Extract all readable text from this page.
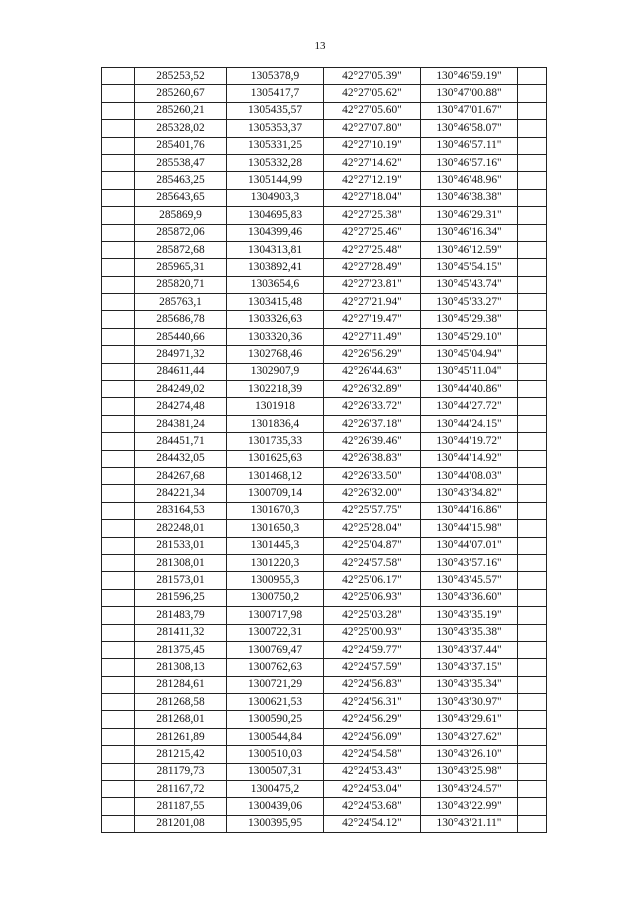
13
	285253,52	1305378,9	42°27'05.39"	130°46'59.19"	
	285260,67	1305417,7	42°27'05.62"	130°47'00.88"	
	285260,21	1305435,57	42°27'05.60"	130°47'01.67"	
	285328,02	1305353,37	42°27'07.80"	130°46'58.07"	
	285401,76	1305331,25	42°27'10.19"	130°46'57.11"	
	285538,47	1305332,28	42°27'14.62"	130°46'57.16"	
	285463,25	1305144,99	42°27'12.19"	130°46'48.96"	
	285643,65	1304903,3	42°27'18.04"	130°46'38.38"	
	285869,9	1304695,83	42°27'25.38"	130°46'29.31"	
	285872,06	1304399,46	42°27'25.46"	130°46'16.34"	
	285872,68	1304313,81	42°27'25.48"	130°46'12.59"	
	285965,31	1303892,41	42°27'28.49"	130°45'54.15"	
	285820,71	1303654,6	42°27'23.81"	130°45'43.74"	
	285763,1	1303415,48	42°27'21.94"	130°45'33.27"	
	285686,78	1303326,63	42°27'19.47"	130°45'29.38"	
	285440,66	1303320,36	42°27'11.49"	130°45'29.10"	
	284971,32	1302768,46	42°26'56.29"	130°45'04.94"	
	284611,44	1302907,9	42°26'44.63"	130°45'11.04"	
	284249,02	1302218,39	42°26'32.89"	130°44'40.86"	
	284274,48	1301918	42°26'33.72"	130°44'27.72"	
	284381,24	1301836,4	42°26'37.18"	130°44'24.15"	
	284451,71	1301735,33	42°26'39.46"	130°44'19.72"	
	284432,05	1301625,63	42°26'38.83"	130°44'14.92"	
	284267,68	1301468,12	42°26'33.50"	130°44'08.03"	
	284221,34	1300709,14	42°26'32.00"	130°43'34.82"	
	283164,53	1301670,3	42°25'57.75"	130°44'16.86"	
	282248,01	1301650,3	42°25'28.04"	130°44'15.98"	
	281533,01	1301445,3	42°25'04.87"	130°44'07.01"	
	281308,01	1301220,3	42°24'57.58"	130°43'57.16"	
	281573,01	1300955,3	42°25'06.17"	130°43'45.57"	
	281596,25	1300750,2	42°25'06.93"	130°43'36.60"	
	281483,79	1300717,98	42°25'03.28"	130°43'35.19"	
	281411,32	1300722,31	42°25'00.93"	130°43'35.38"	
	281375,45	1300769,47	42°24'59.77"	130°43'37.44"	
	281308,13	1300762,63	42°24'57.59"	130°43'37.15"	
	281284,61	1300721,29	42°24'56.83"	130°43'35.34"	
	281268,58	1300621,53	42°24'56.31"	130°43'30.97"	
	281268,01	1300590,25	42°24'56.29"	130°43'29.61"	
	281261,89	1300544,84	42°24'56.09"	130°43'27.62"	
	281215,42	1300510,03	42°24'54.58"	130°43'26.10"	
	281179,73	1300507,31	42°24'53.43"	130°43'25.98"	
	281167,72	1300475,2	42°24'53.04"	130°43'24.57"	
	281187,55	1300439,06	42°24'53.68"	130°43'22.99"	
	281201,08	1300395,95	42°24'54.12"	130°43'21.11"	
